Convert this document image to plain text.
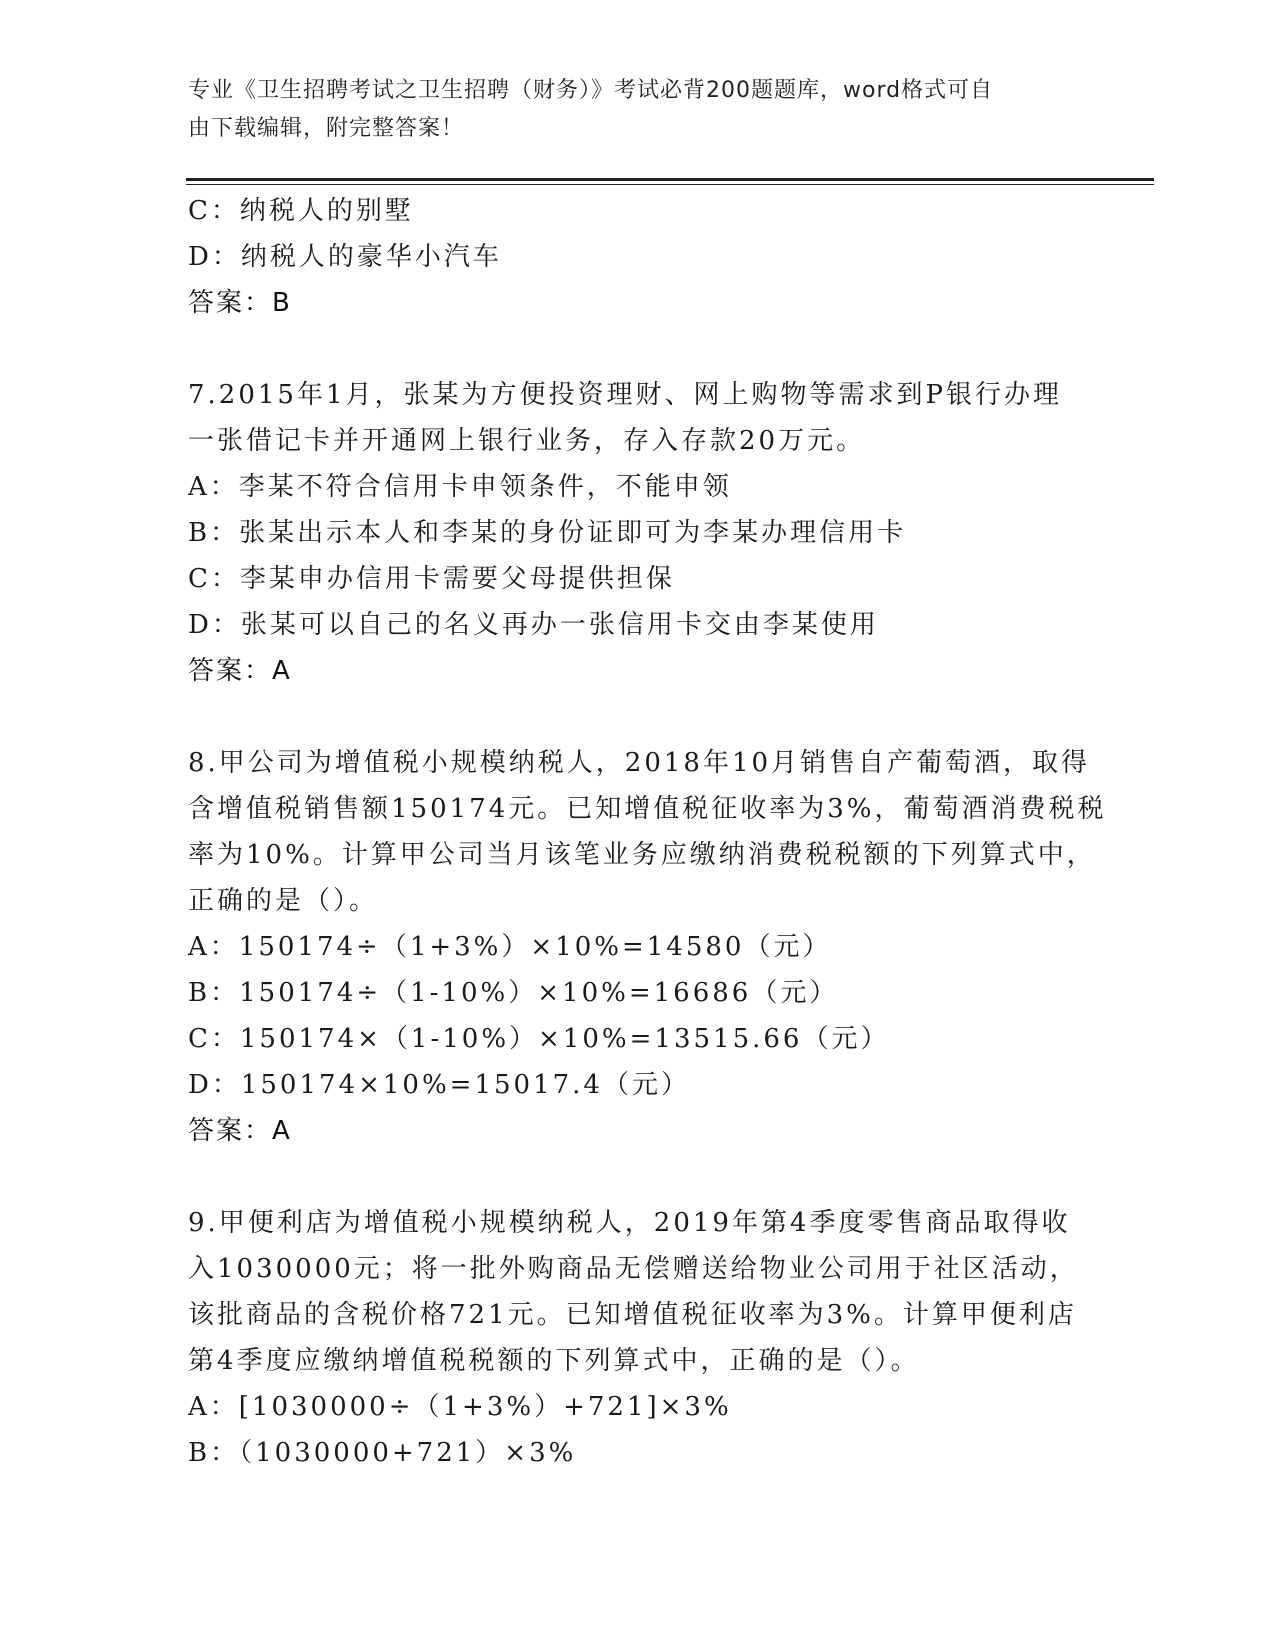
专业《卫生招聘考试之卫生招聘（财务）》考试必背200题题库，word格式可自
由下载编辑，附完整答案！
C：纳税人的别墅
D：纳税人的豪华小汽车
答案：B
7.2015年1月，张某为方便投资理财、网上购物等需求到P银行办理
一张借记卡并开通网上银行业务，存入存款20万元。
A：李某不符合信用卡申领条件，不能申领
B：张某出示本人和李某的身份证即可为李某办理信用卡
C：李某申办信用卡需要父母提供担保
D：张某可以自己的名义再办一张信用卡交由李某使用
答案：A
8.甲公司为增值税小规模纳税人，2018年10月销售自产葡萄酒，取得
含增值税销售额150174元。已知增值税征收率为3%，葡萄酒消费税税
率为10%。计算甲公司当月该笔业务应缴纳消费税税额的下列算式中，
正确的是（）。
A：150174÷（1+3%）×10%=14580（元）
B：150174÷（1-10%）×10%=16686（元）
C：150174×（1-10%）×10%=13515.66（元）
D：150174×10%=15017.4（元）
答案：A
9.甲便利店为增值税小规模纳税人，2019年第4季度零售商品取得收
入1030000元；将一批外购商品无偿赠送给物业公司用于社区活动，
该批商品的含税价格721元。已知增值税征收率为3%。计算甲便利店
第4季度应缴纳增值税税额的下列算式中，正确的是（）。
A：[1030000÷（1+3%）+721]×3%
B：（1030000+721）×3%
